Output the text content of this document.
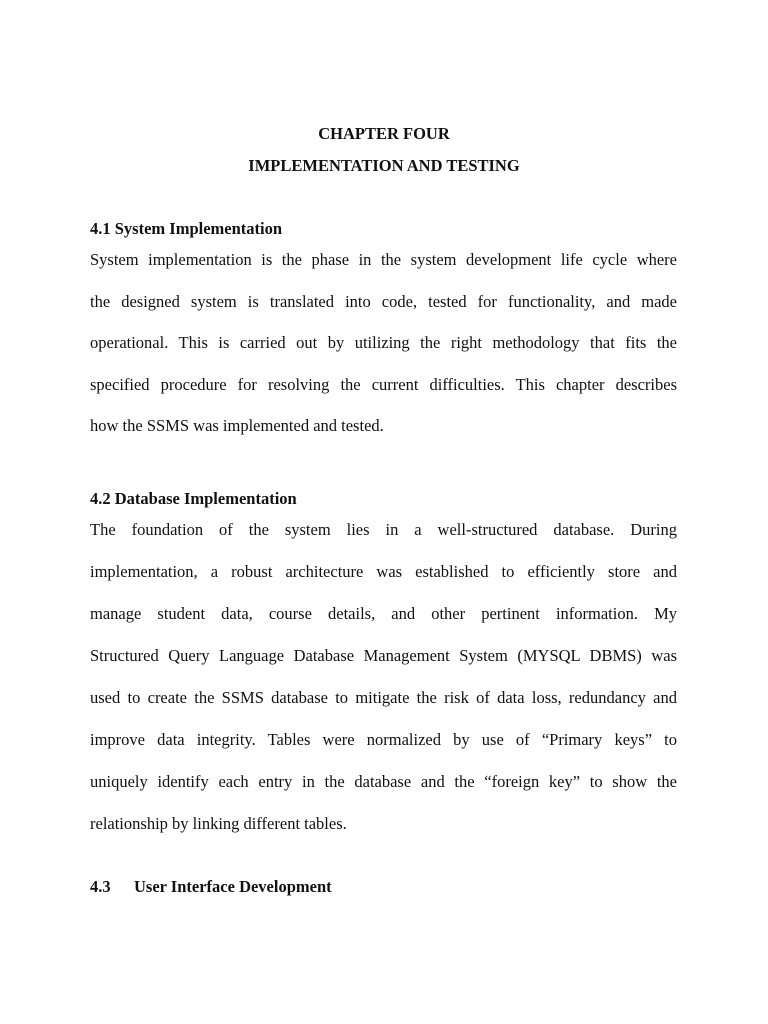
CHAPTER FOUR
IMPLEMENTATION AND TESTING
4.1 System Implementation
System implementation is the phase in the system development life cycle where
the designed system is translated into code, tested for functionality, and made
operational. This is carried out by utilizing the right methodology that fits the
specified procedure for resolving the current difficulties. This chapter describes
how the SSMS was implemented and tested.
4.2 Database Implementation
The foundation of the system lies in a well-structured database. During
implementation, a robust architecture was established to efficiently store and
manage student data, course details, and other pertinent information. My
Structured Query Language Database Management System (MYSQL DBMS) was
used to create the SSMS database to mitigate the risk of data loss, redundancy and
improve data integrity. Tables were normalized by use of “Primary keys” to
uniquely identify each entry in the database and the “foreign key” to show the
relationship by linking different tables.
4.3 User Interface Development
